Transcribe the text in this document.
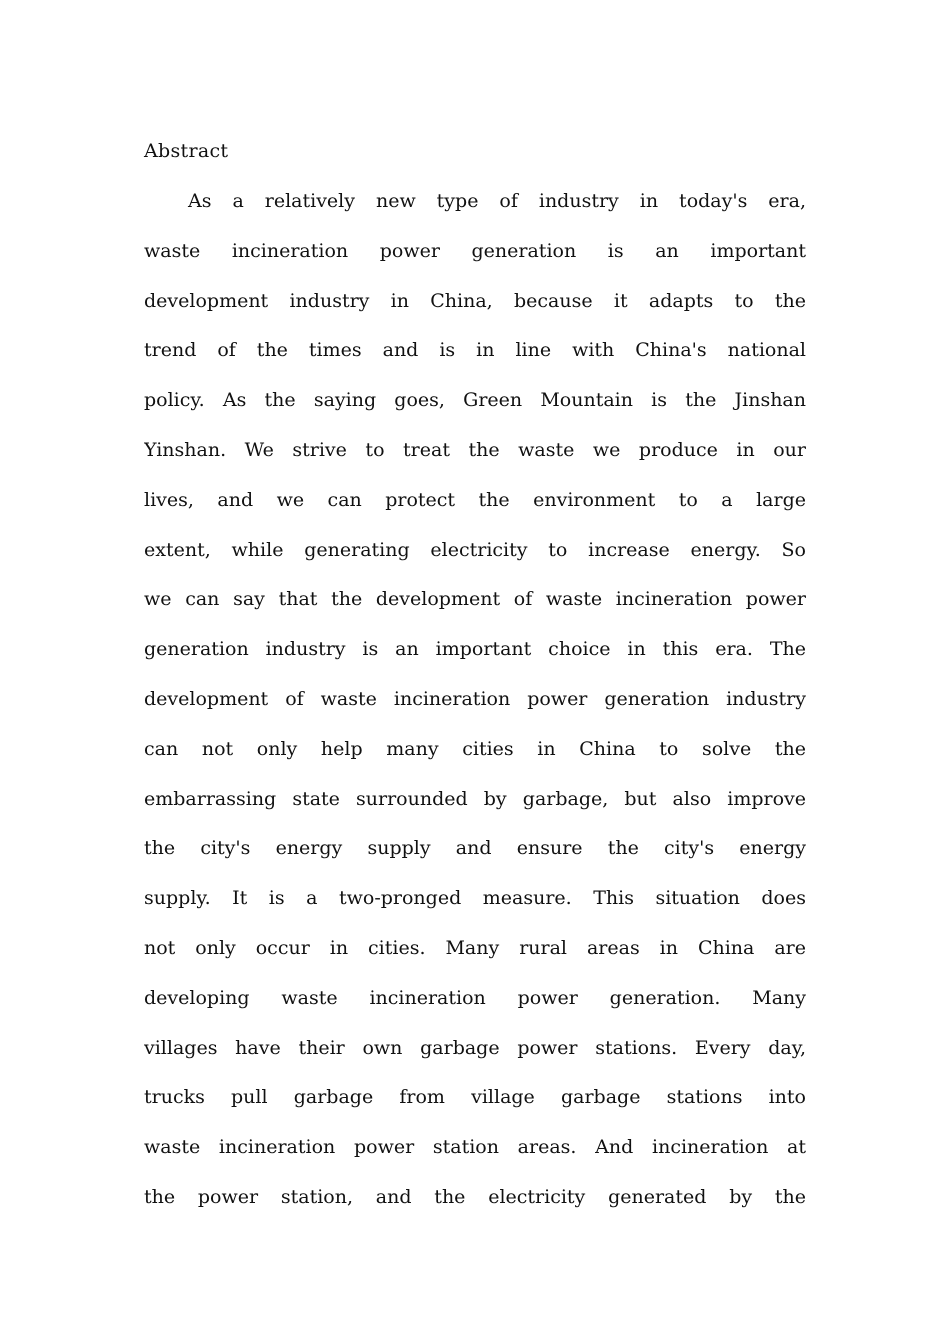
Abstract
As a relatively new type of industry in today's era,
waste incineration power generation is an important
development industry in China, because it adapts to the
trend of the times and is in line with China's national
policy. As the saying goes, Green Mountain is the Jinshan
Yinshan. We strive to treat the waste we produce in our
lives, and we can protect the environment to a large
extent, while generating electricity to increase energy. So
we can say that the development of waste incineration power
generation industry is an important choice in this era. The
development of waste incineration power generation industry
can not only help many cities in China to solve the
embarrassing state surrounded by garbage, but also improve
the city's energy supply and ensure the city's energy
supply. It is a two-pronged measure. This situation does
not only occur in cities. Many rural areas in China are
developing waste incineration power generation. Many
villages have their own garbage power stations. Every day,
trucks pull garbage from village garbage stations into
waste incineration power station areas. And incineration at
the power station, and the electricity generated by the
